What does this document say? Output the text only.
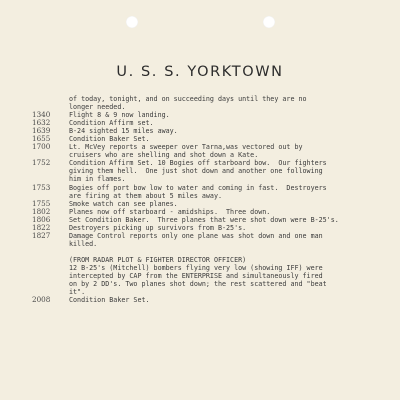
U. S. S. YORKTOWN
of today, tonight, and on succeeding days until they are no
longer needed.
1340	Flight 8 & 9 now landing.
1632	Condition Affirm set.
1639	B-24 sighted 15 miles away.
1655	Condition Baker Set.
1700	Lt. McVey reports a sweeper over Tarna,was vectored out by
cruisers who are shelling and shot down a Kate.
1752	Condition Affirm Set. 10 Bogies off starboard bow.  Our fighters
giving them hell.  One just shot down and another one following
him in flames.
1753	Bogies off port bow low to water and coming in fast.  Destroyers
are firing at them about 5 miles away.
1755	Smoke watch can see planes.
1802	Planes now off starboard - amidships.  Three down.
1806	Set Condition Baker.  Three planes that were shot down were B-25's.
1822	Destroyers picking up survivors from B-25's.
1827	Damage Control reports only one plane was shot down and one man
killed.
(FROM RADAR PLOT & FIGHTER DIRECTOR OFFICER)
12 B-25's (Mitchell) bombers flying very low (showing IFF) were
intercepted by CAP from the ENTERPRISE and simultaneously fired
on by 2 DD's. Two planes shot down; the rest scattered and "beat
it".
2008	Condition Baker Set.
